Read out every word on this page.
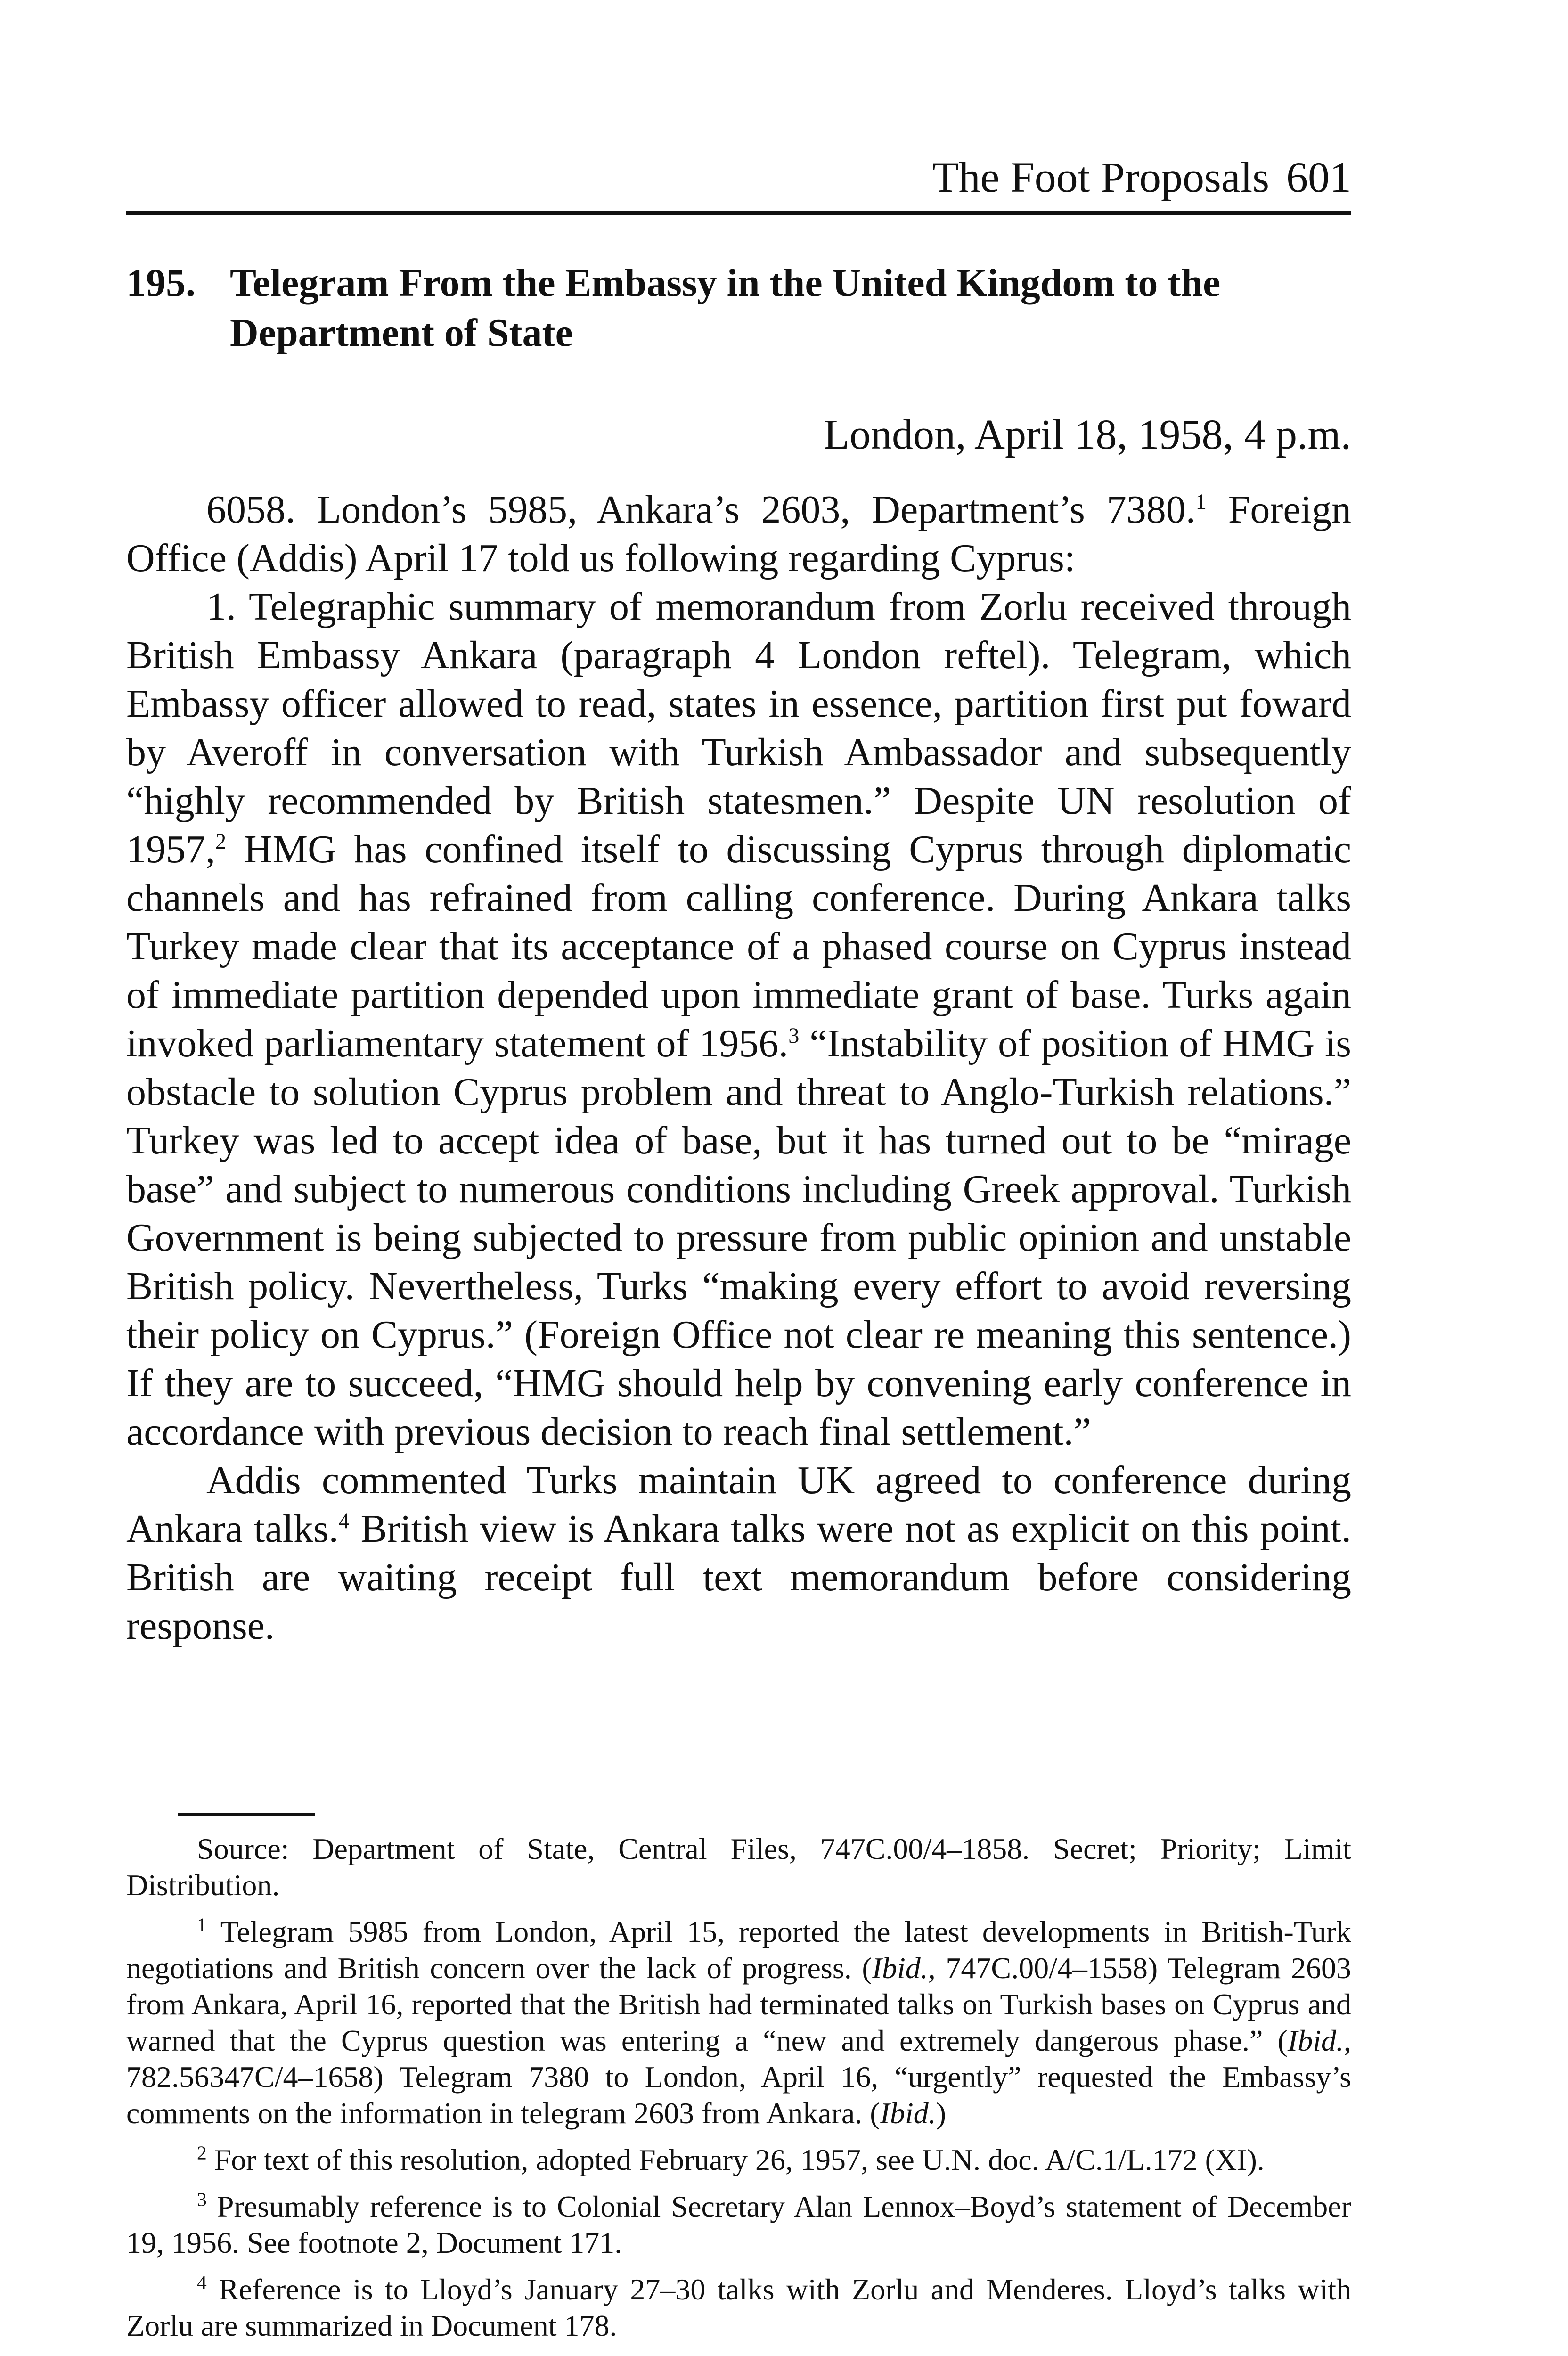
The Foot Proposals 601
195. Telegram From the Embassy in the United Kingdom to the Department of State
London, April 18, 1958, 4 p.m.

6058. London’s 5985, Ankara’s 2603, Department’s 7380.$^1$ Foreign Office (Addis) April 17 told us following regarding Cyprus:

1. Telegraphic summary of memorandum from Zorlu received through British Embassy Ankara (paragraph 4 London reftel). Telegram, which Embassy officer allowed to read, states in essence, partition first put foward by Averoff in conversation with Turkish Ambassador and subsequently “highly recommended by British statesmen.” Despite UN resolution of 1957,$^2$ HMG has confined itself to discussing Cyprus through diplomatic channels and has refrained from calling conference. During Ankara talks Turkey made clear that its acceptance of a phased course on Cyprus instead of immediate partition depended upon immediate grant of base. Turks again invoked parliamentary statement of 1956.$^3$ “Instability of position of HMG is obstacle to solution Cyprus problem and threat to Anglo-Turkish relations.” Turkey was led to accept idea of base, but it has turned out to be “mirage base” and subject to numerous conditions including Greek approval. Turkish Government is being subjected to pressure from public opinion and unstable British policy. Nevertheless, Turks “making every effort to avoid reversing their policy on Cyprus.” (Foreign Office not clear re meaning this sentence.) If they are to succeed, “HMG should help by convening early conference in accordance with previous decision to reach final settlement.”

Addis commented Turks maintain UK agreed to conference during Ankara talks.$^4$ British view is Ankara talks were not as explicit on this point. British are waiting receipt full text memorandum before considering response.

Source: Department of State, Central Files, 747C.00/4–1858. Secret; Priority; Limit Distribution.

$^1$ Telegram 5985 from London, April 15, reported the latest developments in British-Turk negotiations and British concern over the lack of progress. (Ibid., 747C.00/4–1558) Telegram 2603 from Ankara, April 16, reported that the British had terminated talks on Turkish bases on Cyprus and warned that the Cyprus question was entering a “new and extremely dangerous phase.” (Ibid., 782.56347C/4–1658) Telegram 7380 to London, April 16, “urgently” requested the Embassy’s comments on the information in telegram 2603 from Ankara. (Ibid.)

$^2$ For text of this resolution, adopted February 26, 1957, see U.N. doc. A/C.1/L.172 (XI).

$^3$ Presumably reference is to Colonial Secretary Alan Lennox–Boyd’s statement of December 19, 1956. See footnote 2, Document 171.

$^4$ Reference is to Lloyd’s January 27–30 talks with Zorlu and Menderes. Lloyd’s talks with Zorlu are summarized in Document 178.
